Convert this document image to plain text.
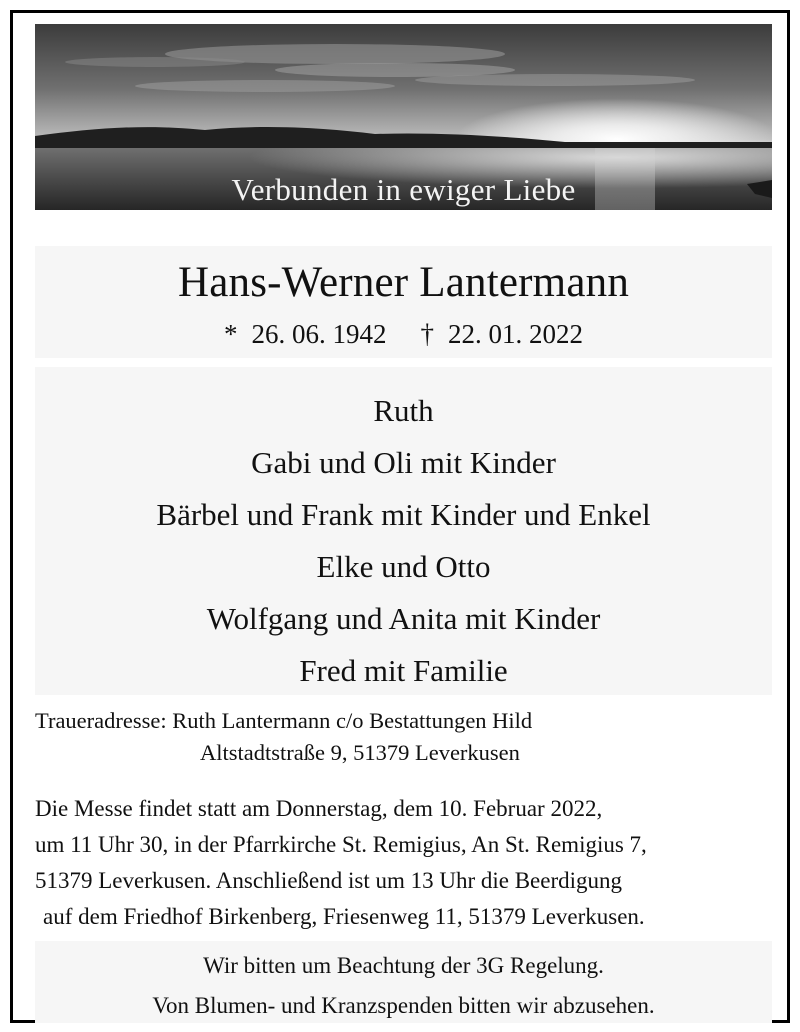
Verbunden in ewiger Liebe
Hans-Werner Lantermann
* 26. 06. 1942 † 22. 01. 2022
Ruth
Gabi und Oli mit Kinder
Bärbel und Frank mit Kinder und Enkel
Elke und Otto
Wolfgang und Anita mit Kinder
Fred mit Familie
Traueradresse: Ruth Lantermann c/o Bestattungen Hild
Altstadtstraße 9, 51379 Leverkusen
Die Messe findet statt am Donnerstag, dem 10. Februar 2022,
um 11 Uhr 30, in der Pfarrkirche St. Remigius, An St. Remigius 7,
51379 Leverkusen. Anschließend ist um 13 Uhr die Beerdigung
auf dem Friedhof Birkenberg, Friesenweg 11, 51379 Leverkusen.
Wir bitten um Beachtung der 3G Regelung.
Von Blumen- und Kranzspenden bitten wir abzusehen.
